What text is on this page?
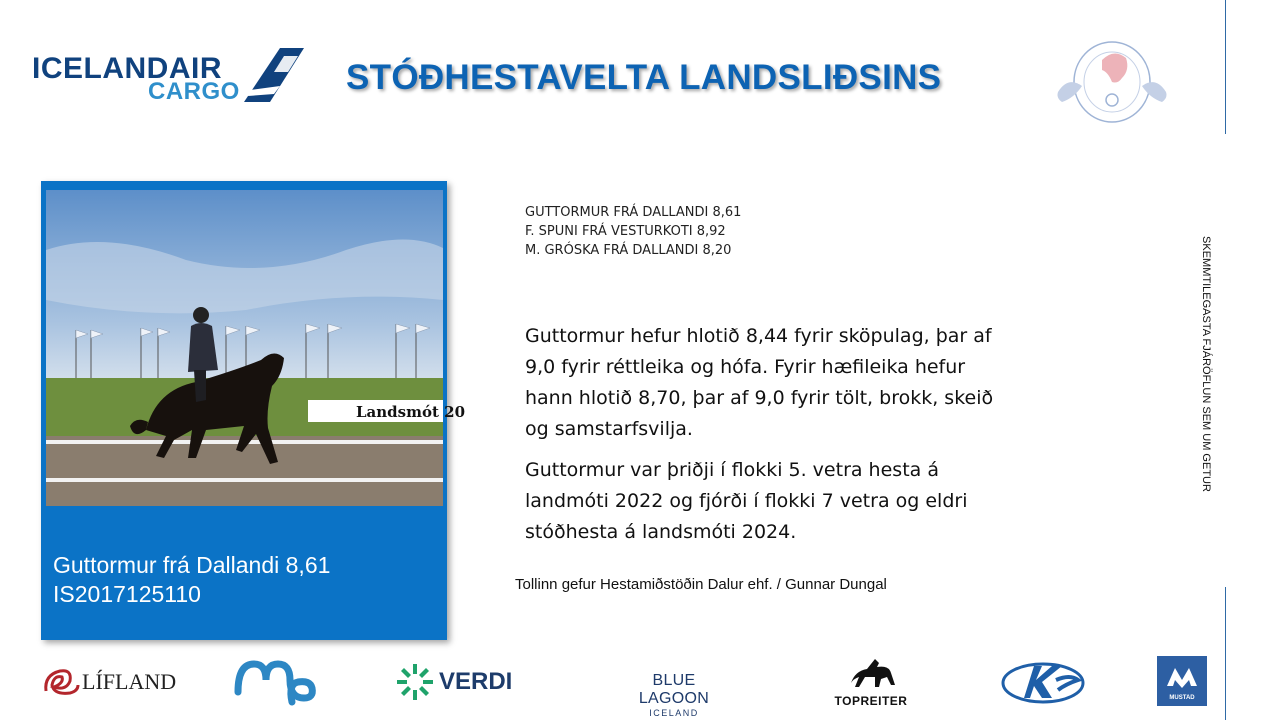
ICELANDAIR
CARGO	STÓÐHESTAVELTA LANDSLIÐSINS
SKEMMTILEGASTA FJÁRÖFLUN SEM UM GETUR
Landsmót 20
Guttormur frá Dallandi 8,61
IS2017125110
GUTTORMUR FRÁ DALLANDI 8,61
F. SPUNI FRÁ VESTURKOTI 8,92
M. GRÓSKA FRÁ DALLANDI 8,20

Guttormur hefur hlotið 8,44 fyrir sköpulag, þar af 9,0 fyrir réttleika og hófa. Fyrir hæfileika hefur hann hlotið 8,70, þar af 9,0 fyrir tölt, brokk, skeið og samstarfsvilja.

Guttormur var þriðji í flokki 5. vetra hesta á landmóti 2022 og fjórði í flokki 7 vetra og eldri stóðhesta á landsmóti 2024.

Tollinn gefur Hestamiðstöðin Dalur ehf. / Gunnar Dungal
LÍFLAND	VERDI	BLUE LAGOON
ICELAND
TOPREITER	MUSTAD
